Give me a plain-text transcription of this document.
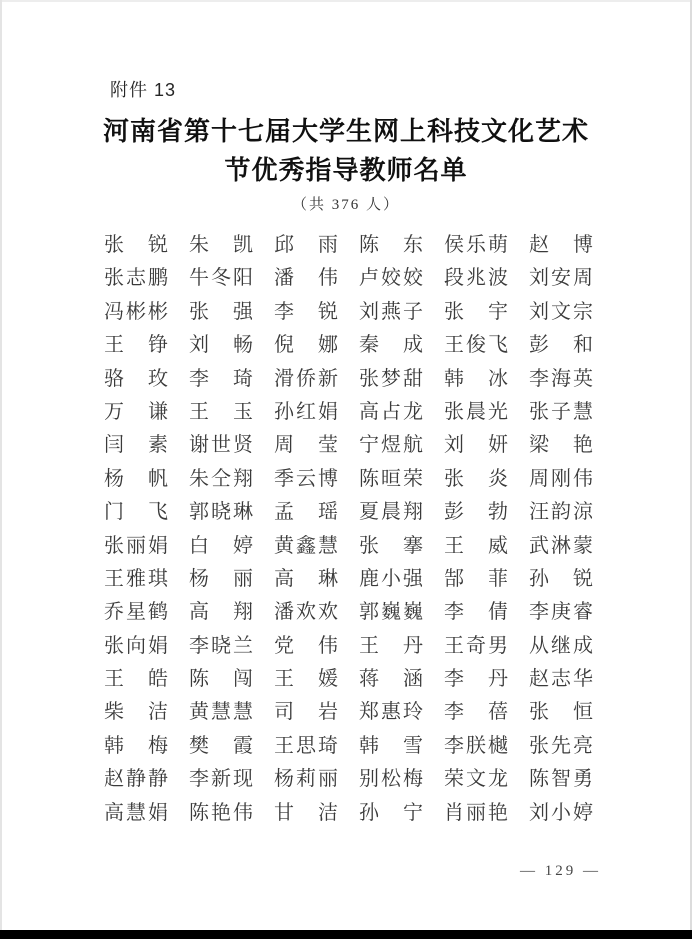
附件 13
河南省第十七届大学生网上科技文化艺术
节优秀指导教师名单
（共 376 人）
张 锐 朱 凯 邱 雨 陈 东 侯 乐 萌 赵 博
张 志 鹏 牛 冬 阳 潘 伟 卢 姣 姣 段 兆 波 刘 安 周
冯 彬 彬 张 强 李 锐 刘 燕 子 张 宇 刘 文 宗
王 铮 刘 畅 倪 娜 秦 成 王 俊 飞 彭 和
骆 玫 李 琦 滑 侨 新 张 梦 甜 韩 冰 李 海 英
万 谦 王 玉 孙 红 娟 高 占 龙 张 晨 光 张 子 慧
闫 素 谢 世 贤 周 莹 宁 煜 航 刘 妍 梁 艳
杨 帆 朱 仝 翔 季 云 博 陈 晅 荣 张 炎 周 刚 伟
门 飞 郭 晓 琳 孟 瑶 夏 晨 翔 彭 勃 汪 韵 涼
张 丽 娟 白 婷 黄 鑫 慧 张 搴 王 威 武 淋 蒙
王 雅 琪 杨 丽 高 琳 鹿 小 强 郜 菲 孙 锐
乔 星 鹤 高 翔 潘 欢 欢 郭 巍 巍 李 倩 李 庚 睿
张 向 娟 李 晓 兰 党 伟 王 丹 王 奇 男 从 继 成
王 皓 陈 闯 王 媛 蒋 涵 李 丹 赵 志 华
柴 洁 黄 慧 慧 司 岩 郑 惠 玲 李 蓓 张 恒
韩 梅 樊 霞 王 思 琦 韩 雪 李 朕 樾 张 先 亮
赵 静 静 李 新 现 杨 莉 丽 别 松 梅 荣 文 龙 陈 智 勇
高 慧 娟 陈 艳 伟 甘 洁 孙 宁 肖 丽 艳 刘 小 婷
— 129 —
